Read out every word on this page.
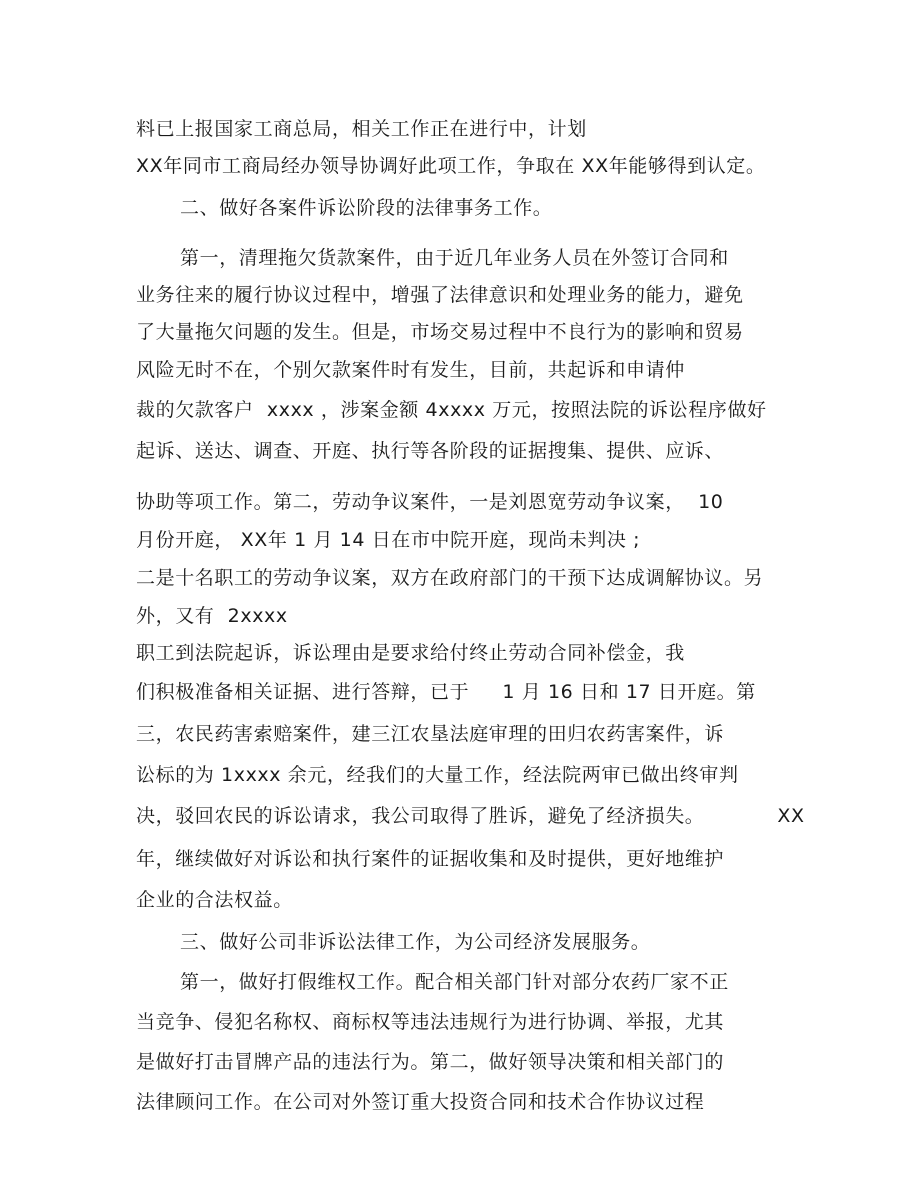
料已上报国家工商总局，相关工作正在进行中，计划
XX年同市工商局经办领导协调好此项工作，争取在 XX年能够得到认定。
二、做好各案件诉讼阶段的法律事务工作。
第一，清理拖欠货款案件，由于近几年业务人员在外签订合同和
业务往来的履行协议过程中，增强了法律意识和处理业务的能力，避免
了大量拖欠问题的发生。但是，市场交易过程中不良行为的影响和贸易
风险无时不在，个别欠款案件时有发生，目前，共起诉和申请仲
裁的欠款客户  xxxx ，涉案金额 4xxxx 万元，按照法院的诉讼程序做好
起诉、送达、调查、开庭、执行等各阶段的证据搜集、提供、应诉、
协助等项工作。第二，劳动争议案件，一是刘恩宽劳动争议案，  10
月份开庭， XX年 1 月 14 日在市中院开庭，现尚未判决 ;
二是十名职工的劳动争议案，双方在政府部门的干预下达成调解协议。另
外，又有  2xxxx
职工到法院起诉，诉讼理由是要求给付终止劳动合同补偿金，我
们积极准备相关证据、进行答辩，已于     1 月 16 日和 17 日开庭。第
三，农民药害索赔案件，建三江农垦法庭审理的田归农药害案件，诉
讼标的为 1xxxx 余元，经我们的大量工作，经法院两审已做出终审判
决，驳回农民的诉讼请求，我公司取得了胜诉，避免了经济损失。           XX
年，继续做好对诉讼和执行案件的证据收集和及时提供，更好地维护
企业的合法权益。
三、做好公司非诉讼法律工作，为公司经济发展服务。
第一，做好打假维权工作。配合相关部门针对部分农药厂家不正
当竞争、侵犯名称权、商标权等违法违规行为进行协调、举报，尤其
是做好打击冒牌产品的违法行为。第二，做好领导决策和相关部门的
法律顾问工作。在公司对外签订重大投资合同和技术合作协议过程
